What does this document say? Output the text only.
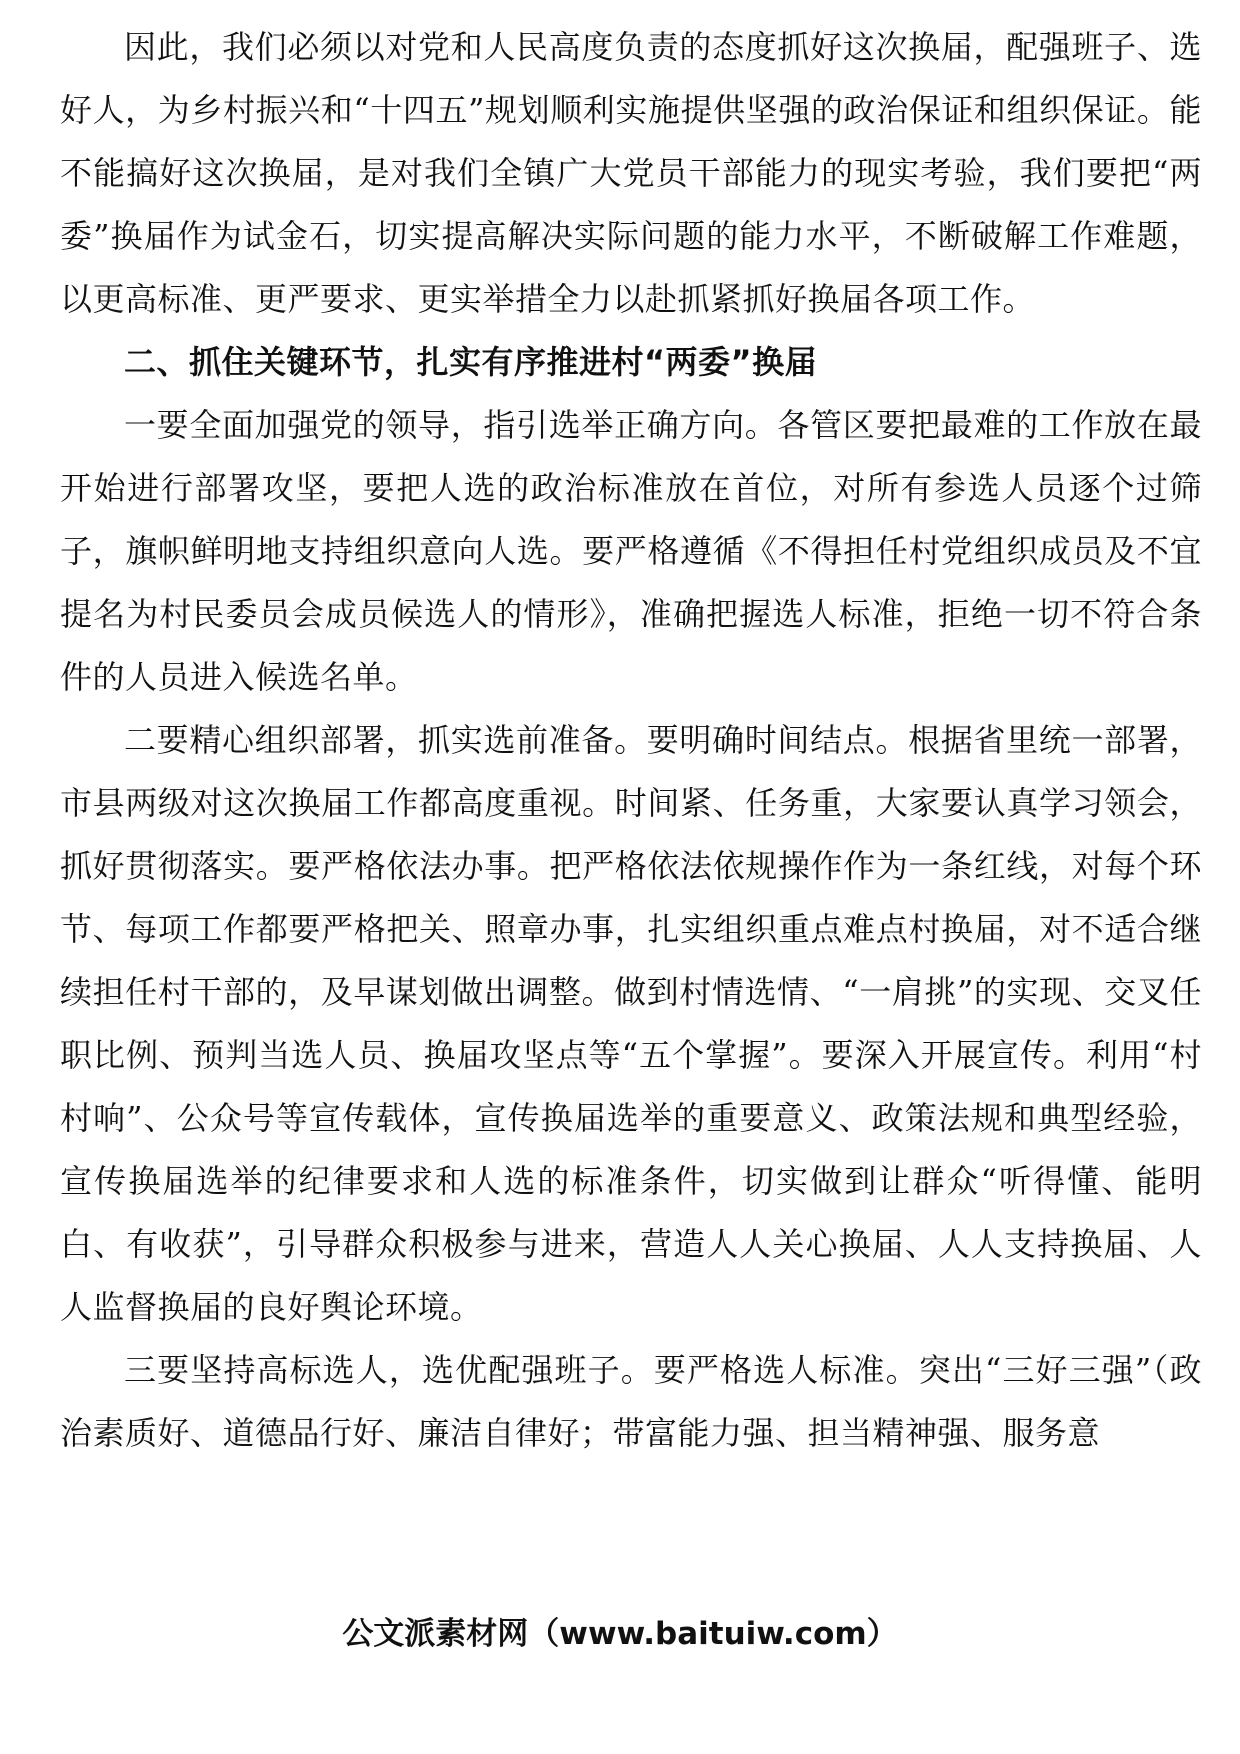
因此，我们必须以对党和人民高度负责的态度抓好这次换届，配强班子、选好人，为乡村振兴和“十四五”规划顺利实施提供坚强的政治保证和组织保证。能不能搞好这次换届，是对我们全镇广大党员干部能力的现实考验，我们要把“两委”换届作为试金石，切实提高解决实际问题的能力水平，不断破解工作难题，以更高标准、更严要求、更实举措全力以赴抓紧抓好换届各项工作。

二、抓住关键环节，扎实有序推进村“两委”换届

一要全面加强党的领导，指引选举正确方向。各管区要把最难的工作放在最开始进行部署攻坚，要把人选的政治标准放在首位，对所有参选人员逐个过筛子，旗帜鲜明地支持组织意向人选。要严格遵循《不得担任村党组织成员及不宜提名为村民委员会成员候选人的情形》，准确把握选人标准，拒绝一切不符合条件的人员进入候选名单。

二要精心组织部署，抓实选前准备。要明确时间结点。根据省里统一部署，市县两级对这次换届工作都高度重视。时间紧、任务重，大家要认真学习领会，抓好贯彻落实。要严格依法办事。把严格依法依规操作作为一条红线，对每个环节、每项工作都要严格把关、照章办事，扎实组织重点难点村换届，对不适合继续担任村干部的，及早谋划做出调整。做到村情选情、“一肩挑”的实现、交叉任职比例、预判当选人员、换届攻坚点等“五个掌握”。要深入开展宣传。利用“村村响”、公众号等宣传载体，宣传换届选举的重要意义、政策法规和典型经验，宣传换届选举的纪律要求和人选的标准条件，切实做到让群众“听得懂、能明白、有收获”，引导群众积极参与进来，营造人人关心换届、人人支持换届、人人监督换届的良好舆论环境。

三要坚持高标选人，选优配强班子。要严格选人标准。突出“三好三强”（政治素质好、道德品行好、廉洁自律好；带富能力强、担当精神强、服务意

公文派素材网（www.baituiw.com）
